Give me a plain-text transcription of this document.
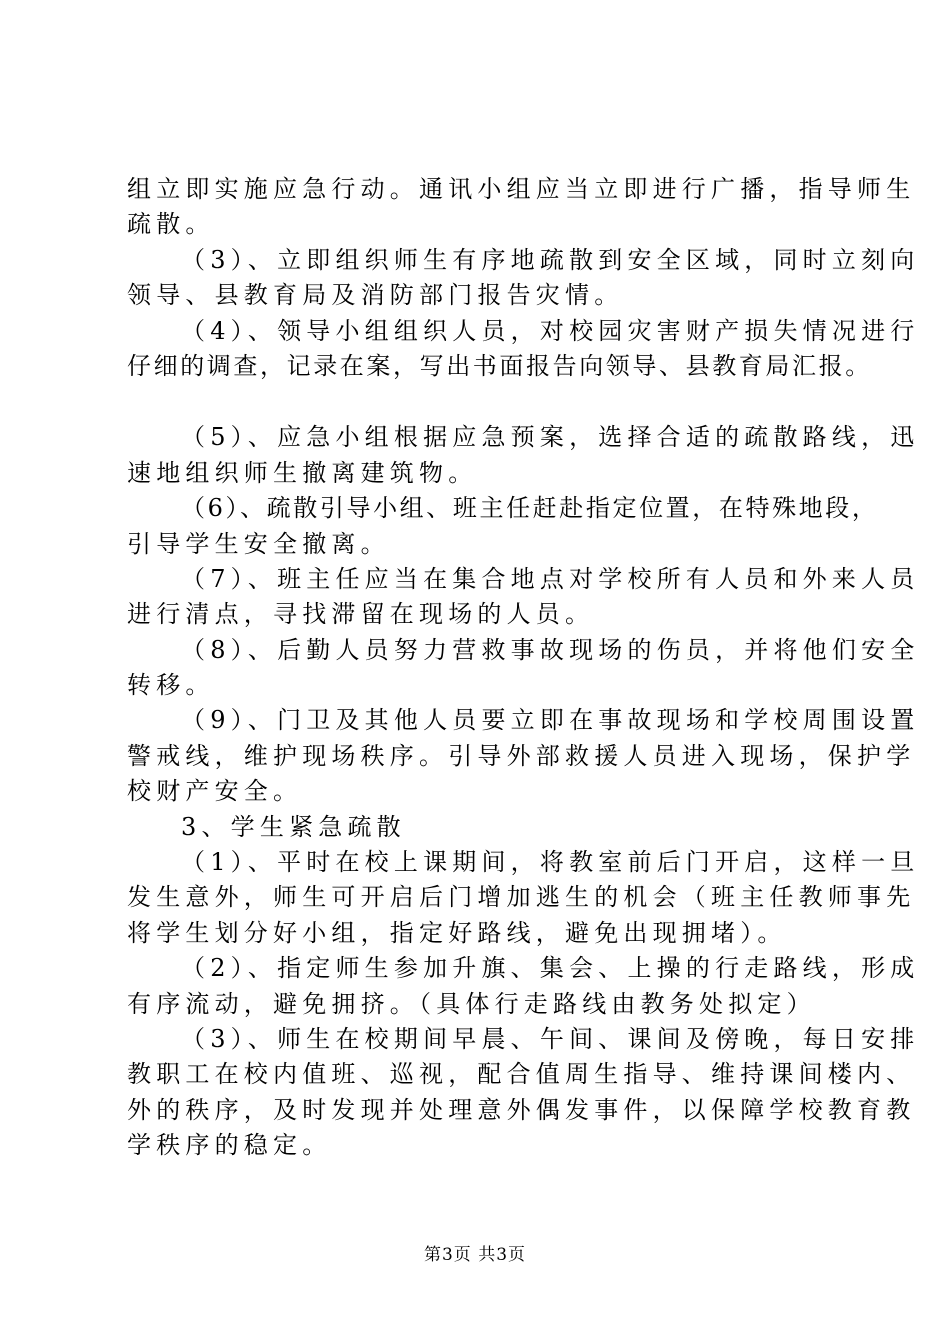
组立即实施应急行动。通讯小组应当立即进行广播，指导师生
疏散。
（3）、立即组织师生有序地疏散到安全区域，同时立刻向
领导、县教育局及消防部门报告灾情。
（4）、领导小组组织人员，对校园灾害财产损失情况进行
仔细的调查，记录在案，写出书面报告向领导、县教育局汇报。
（5）、应急小组根据应急预案，选择合适的疏散路线，迅
速地组织师生撤离建筑物。
（6）、疏散引导小组、班主任赶赴指定位置，在特殊地段，
引导学生安全撤离。
（7）、班主任应当在集合地点对学校所有人员和外来人员
进行清点，寻找滞留在现场的人员。
（8）、后勤人员努力营救事故现场的伤员，并将他们安全
转移。
（9）、门卫及其他人员要立即在事故现场和学校周围设置
警戒线，维护现场秩序。引导外部救援人员进入现场，保护学
校财产安全。
3、学生紧急疏散
（1）、平时在校上课期间，将教室前后门开启，这样一旦
发生意外，师生可开启后门增加逃生的机会（班主任教师事先
将学生划分好小组，指定好路线，避免出现拥堵）。
（2）、指定师生参加升旗、集会、上操的行走路线，形成
有序流动，避免拥挤。（具体行走路线由教务处拟定）
（3）、师生在校期间早晨、午间、课间及傍晚，每日安排
教职工在校内值班、巡视，配合值周生指导、维持课间楼内、
外的秩序，及时发现并处理意外偶发事件，以保障学校教育教
学秩序的稳定。
第3页 共3页
